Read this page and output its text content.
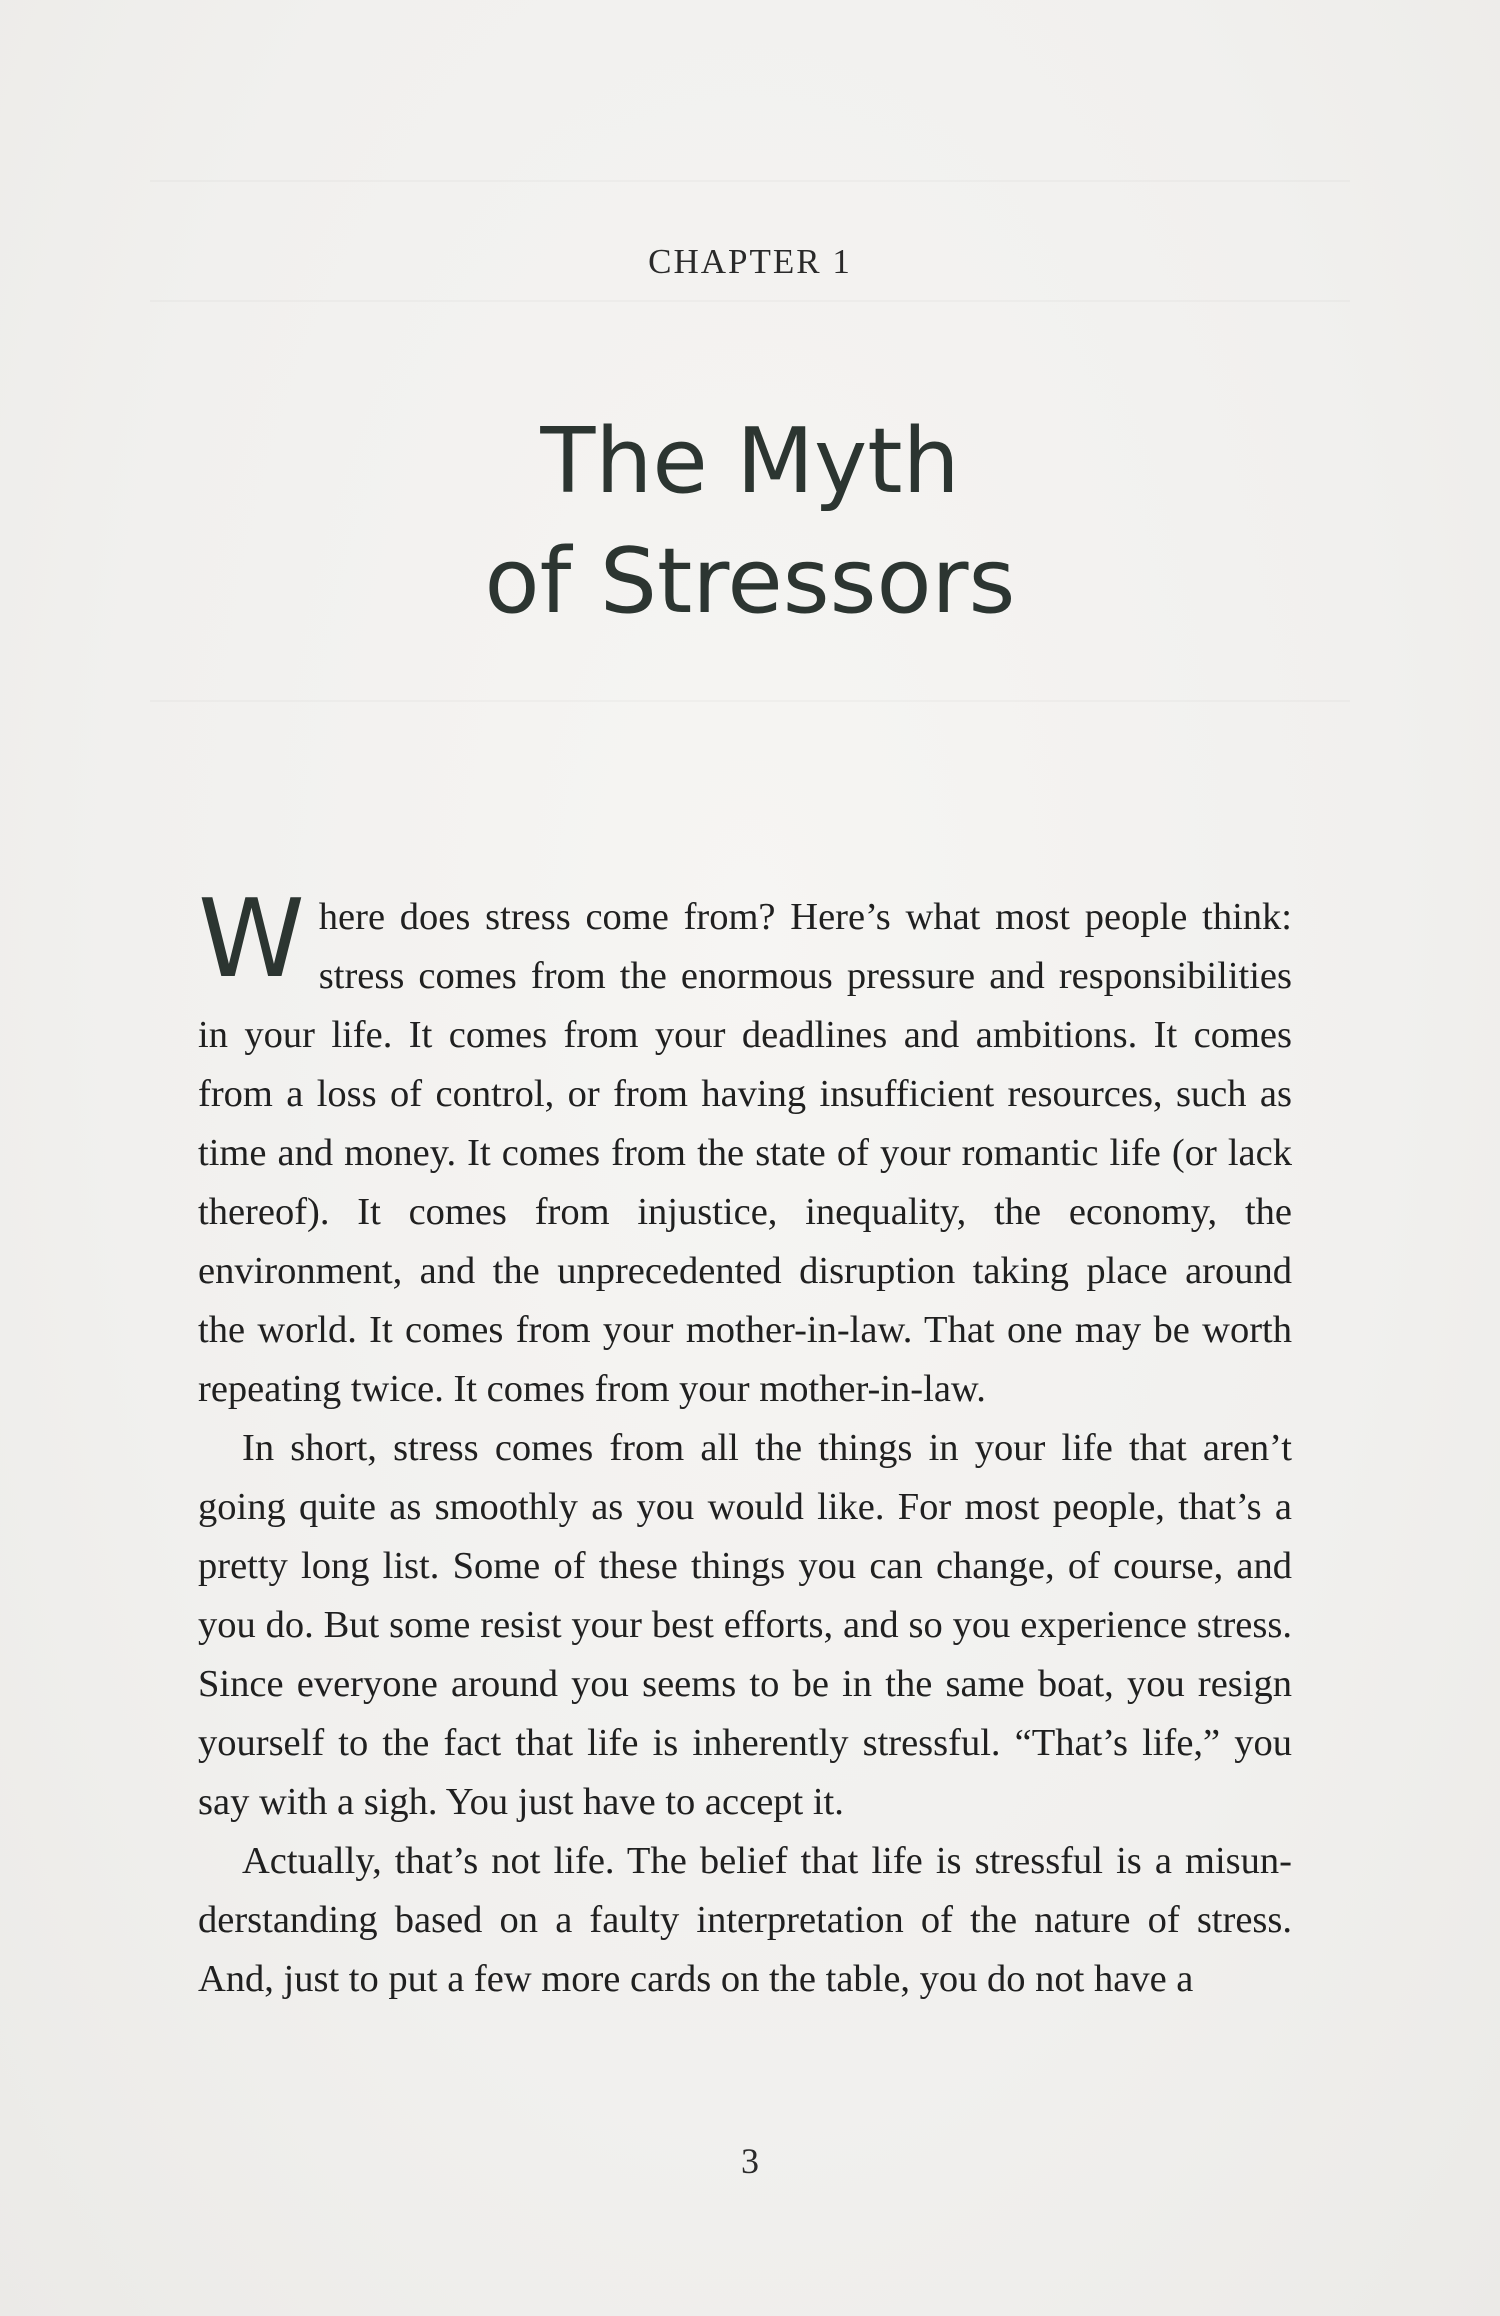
CHAPTER 1
The Myth
of Stressors

Where does stress come from? Here’s what most people think: stress comes from the enormous pressure and responsibilities in your life. It comes from your deadlines and ambitions. It comes from a loss of control, or from having insufficient resources, such as time and money. It comes from the state of your romantic life (or lack thereof). It comes from injustice, inequality, the economy, the environment, and the unprecedented disruption taking place around the world. It comes from your mother-in-law. That one may be worth repeating twice. It comes from your mother-in-law.

In short, stress comes from all the things in your life that aren’t going quite as smoothly as you would like. For most people, that’s a pretty long list. Some of these things you can change, of course, and you do. But some resist your best efforts, and so you experience stress. Since everyone around you seems to be in the same boat, you resign yourself to the fact that life is inherently stressful. “That’s life,” you say with a sigh. You just have to accept it.

Actually, that’s not life. The belief that life is stressful is a misunderstanding based on a faulty interpretation of the nature of stress. And, just to put a few more cards on the table, you do not have a

3
